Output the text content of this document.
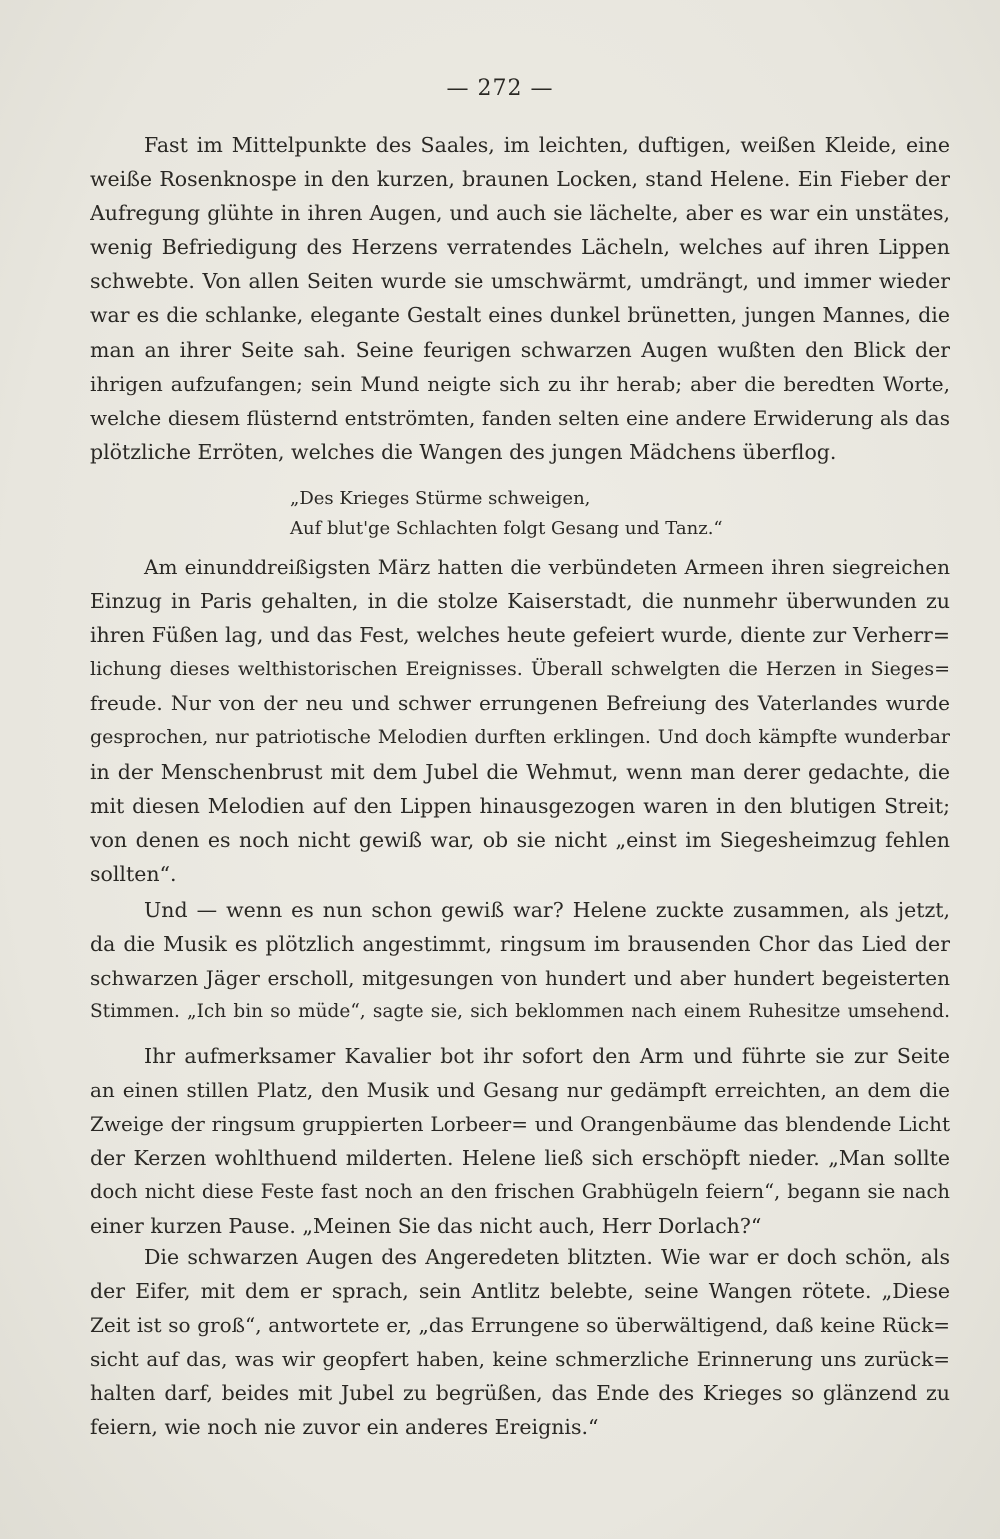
— 272 —
Fast im Mittelpunkte des Saales, im leichten, duftigen, weißen Kleide, eine
weiße Rosenknospe in den kurzen, braunen Locken, stand Helene. Ein Fieber der
Aufregung glühte in ihren Augen, und auch sie lächelte, aber es war ein unstätes,
wenig Befriedigung des Herzens verratendes Lächeln, welches auf ihren Lippen
schwebte. Von allen Seiten wurde sie umschwärmt, umdrängt, und immer wieder
war es die schlanke, elegante Gestalt eines dunkel brünetten, jungen Mannes, die
man an ihrer Seite sah. Seine feurigen schwarzen Augen wußten den Blick der
ihrigen aufzufangen; sein Mund neigte sich zu ihr herab; aber die beredten Worte,
welche diesem flüsternd entströmten, fanden selten eine andere Erwiderung als das
plötzliche Erröten, welches die Wangen des jungen Mädchens überflog.
„Des Krieges Stürme schweigen,
Auf blut'ge Schlachten folgt Gesang und Tanz.“
Am einunddreißigsten März hatten die verbündeten Armeen ihren siegreichen
Einzug in Paris gehalten, in die stolze Kaiserstadt, die nunmehr überwunden zu
ihren Füßen lag, und das Fest, welches heute gefeiert wurde, diente zur Verherr=
lichung dieses welthistorischen Ereignisses. Überall schwelgten die Herzen in Sieges=
freude. Nur von der neu und schwer errungenen Befreiung des Vaterlandes wurde
gesprochen, nur patriotische Melodien durften erklingen. Und doch kämpfte wunderbar
in der Menschenbrust mit dem Jubel die Wehmut, wenn man derer gedachte, die
mit diesen Melodien auf den Lippen hinausgezogen waren in den blutigen Streit;
von denen es noch nicht gewiß war, ob sie nicht „einst im Siegesheimzug fehlen
sollten“.
Und — wenn es nun schon gewiß war? Helene zuckte zusammen, als jetzt,
da die Musik es plötzlich angestimmt, ringsum im brausenden Chor das Lied der
schwarzen Jäger erscholl, mitgesungen von hundert und aber hundert begeisterten
Stimmen. „Ich bin so müde“, sagte sie, sich beklommen nach einem Ruhesitze umsehend.
Ihr aufmerksamer Kavalier bot ihr sofort den Arm und führte sie zur Seite
an einen stillen Platz, den Musik und Gesang nur gedämpft erreichten, an dem die
Zweige der ringsum gruppierten Lorbeer= und Orangenbäume das blendende Licht
der Kerzen wohlthuend milderten. Helene ließ sich erschöpft nieder. „Man sollte
doch nicht diese Feste fast noch an den frischen Grabhügeln feiern“, begann sie nach
einer kurzen Pause. „Meinen Sie das nicht auch, Herr Dorlach?“
Die schwarzen Augen des Angeredeten blitzten. Wie war er doch schön, als
der Eifer, mit dem er sprach, sein Antlitz belebte, seine Wangen rötete. „Diese
Zeit ist so groß“, antwortete er, „das Errungene so überwältigend, daß keine Rück=
sicht auf das, was wir geopfert haben, keine schmerzliche Erinnerung uns zurück=
halten darf, beides mit Jubel zu begrüßen, das Ende des Krieges so glänzend zu
feiern, wie noch nie zuvor ein anderes Ereignis.“
